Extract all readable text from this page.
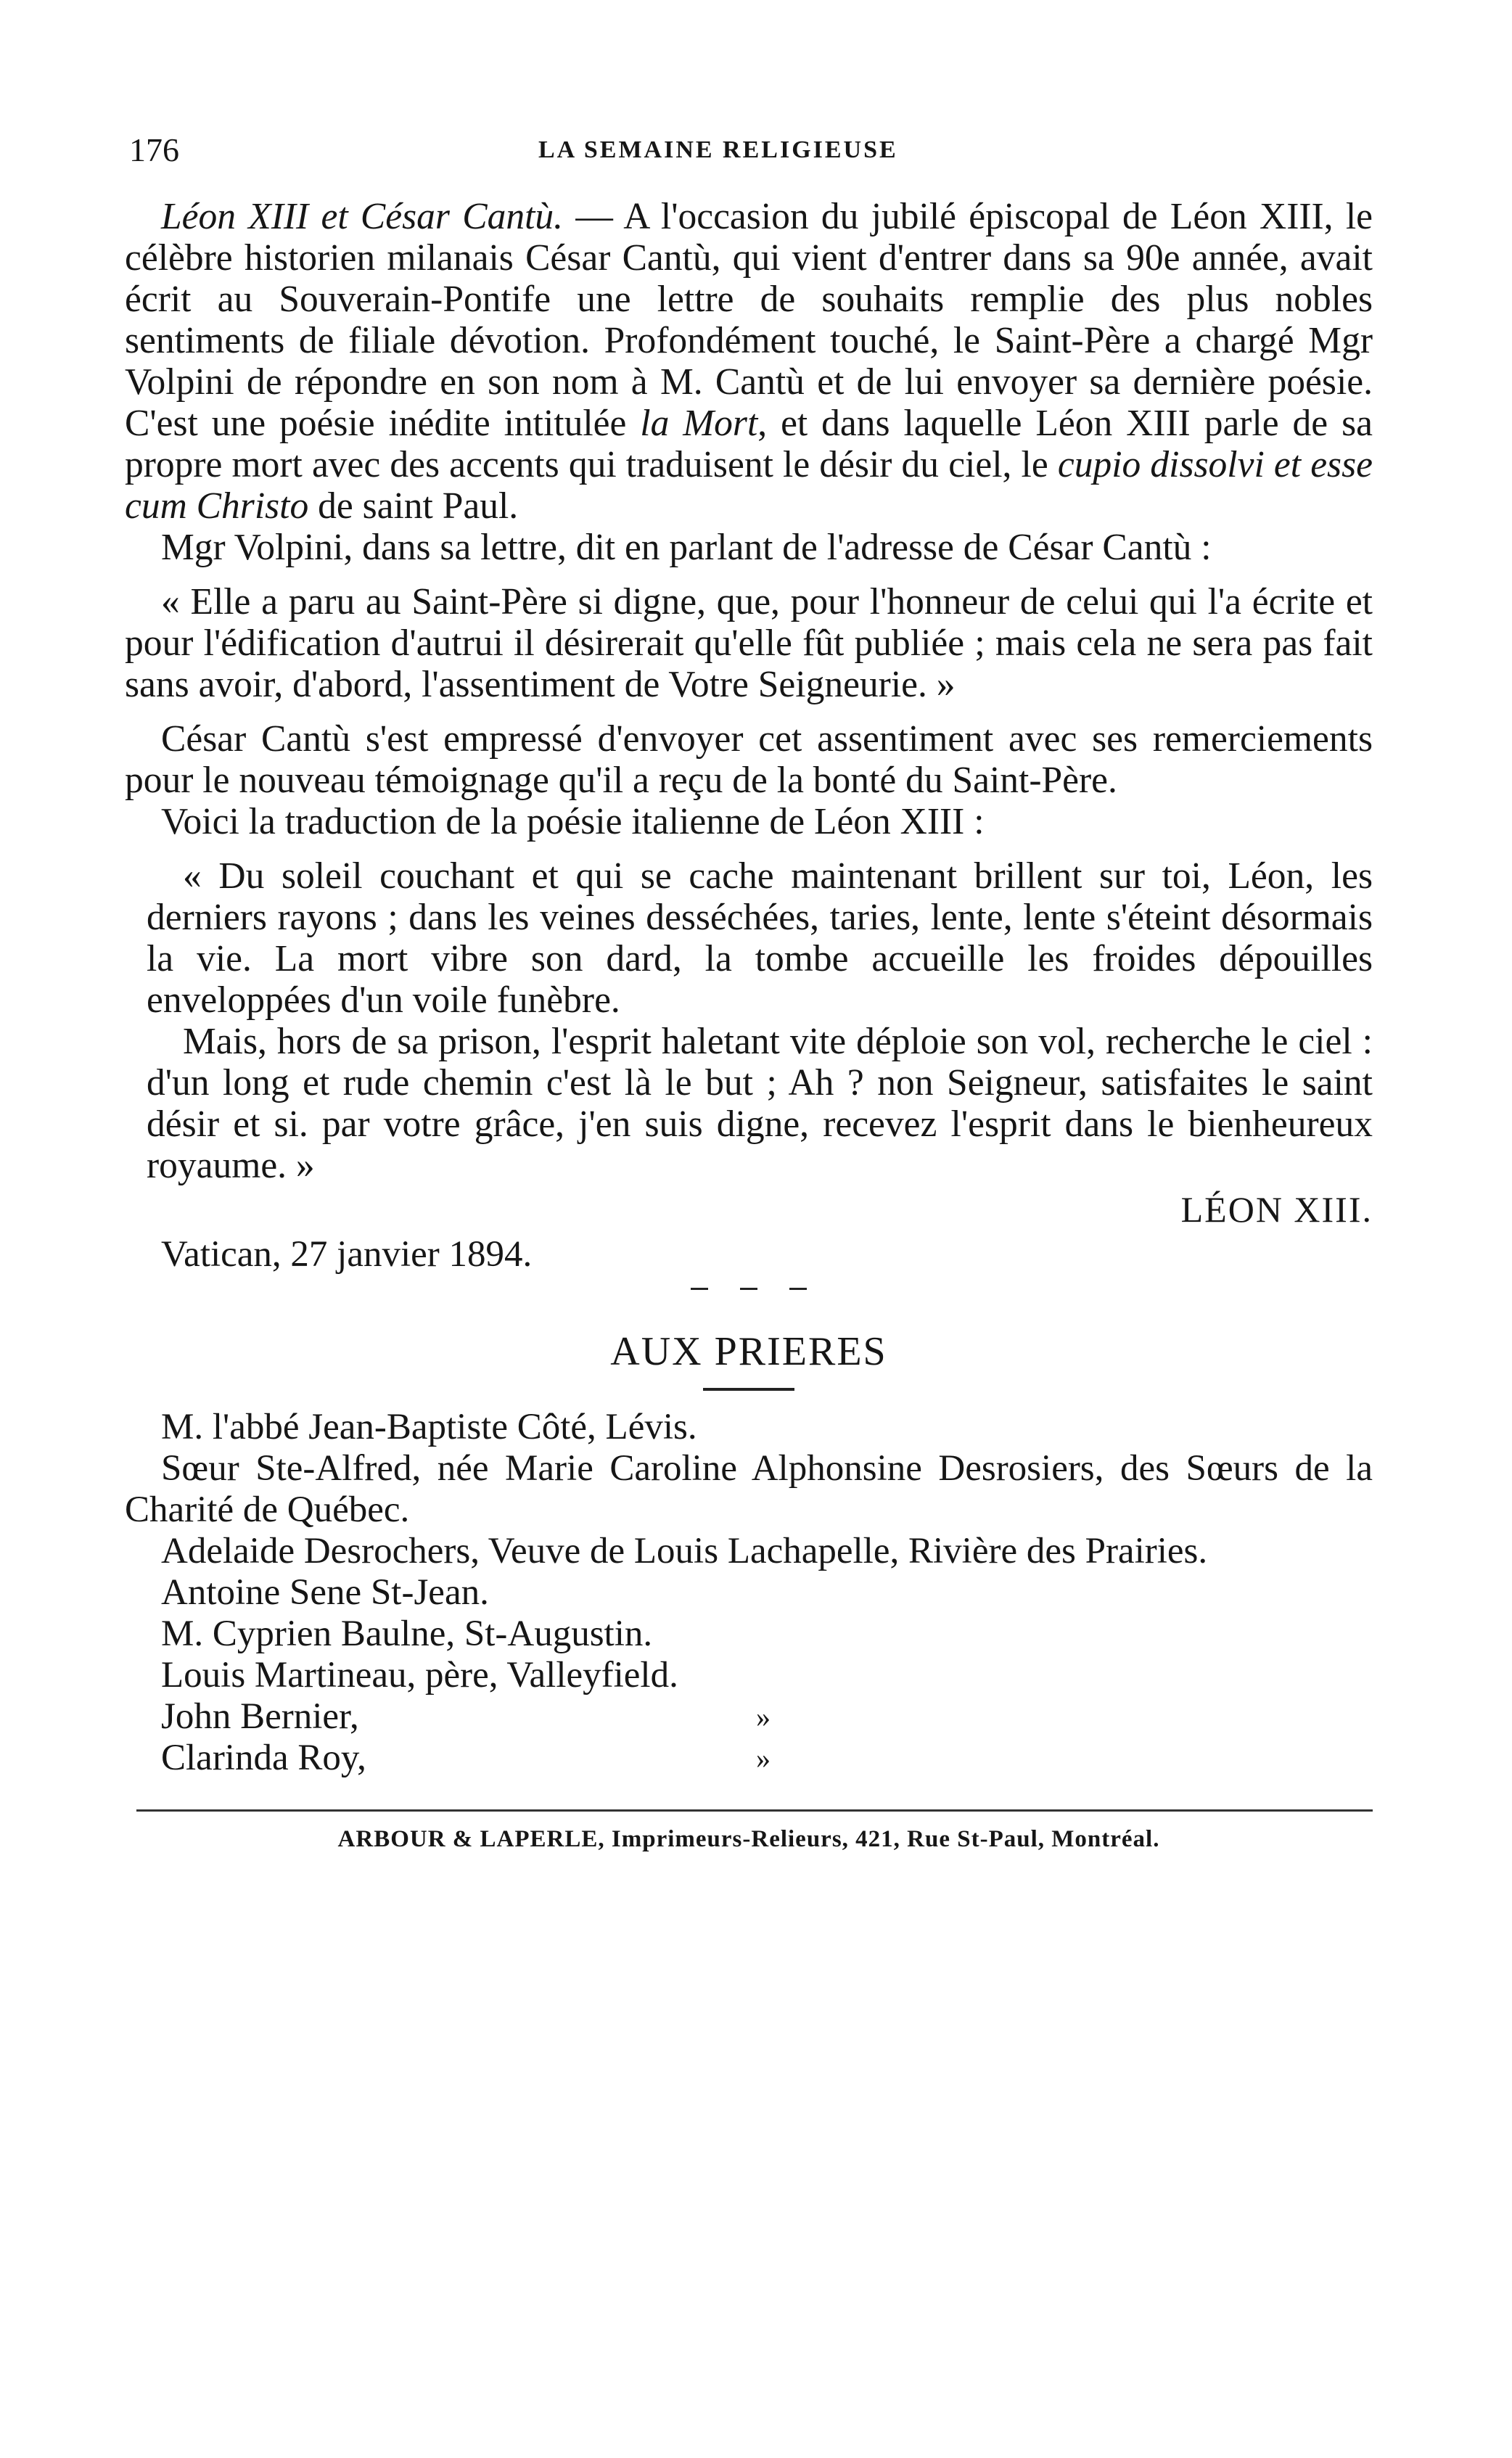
176	LA SEMAINE RELIGIEUSE

Léon XIII et César Cantù. — A l'occasion du jubilé épiscopal de Léon XIII, le célèbre historien milanais César Cantù, qui vient d'entrer dans sa 90e année, avait écrit au Souverain-Pontife une lettre de souhaits remplie des plus nobles sentiments de filiale dévotion. Profondément touché, le Saint-Père a chargé Mgr Volpini de répondre en son nom à M. Cantù et de lui envoyer sa dernière poésie. C'est une poésie inédite intitulée la Mort, et dans laquelle Léon XIII parle de sa propre mort avec des accents qui traduisent le désir du ciel, le cupio dissolvi et esse cum Christo de saint Paul.

Mgr Volpini, dans sa lettre, dit en parlant de l'adresse de César Cantù :

« Elle a paru au Saint-Père si digne, que, pour l'honneur de celui qui l'a écrite et pour l'édification d'autrui il désirerait qu'elle fût publiée ; mais cela ne sera pas fait sans avoir, d'abord, l'assentiment de Votre Seigneurie. »

César Cantù s'est empressé d'envoyer cet assentiment avec ses remerciements pour le nouveau témoignage qu'il a reçu de la bonté du Saint-Père.

Voici la traduction de la poésie italienne de Léon XIII :

« Du soleil couchant et qui se cache maintenant brillent sur toi, Léon, les derniers rayons ; dans les veines desséchées, taries, lente, lente s'éteint désormais la vie. La mort vibre son dard, la tombe accueille les froides dépouilles enveloppées d'un voile funèbre.

Mais, hors de sa prison, l'esprit haletant vite déploie son vol, recherche le ciel : d'un long et rude chemin c'est là le but ; Ah ? non Seigneur, satisfaites le saint désir et si. par votre grâce, j'en suis digne, recevez l'esprit dans le bienheureux royaume. »

LÉON XIII.
Vatican, 27 janvier 1894.
AUX PRIERES

M. l'abbé Jean-Baptiste Côté, Lévis.

Sœur Ste-Alfred, née Marie Caroline Alphonsine Desrosiers, des Sœurs de la Charité de Québec.

Adelaide Desrochers, Veuve de Louis Lachapelle, Rivière des Prairies.

Antoine Sene St-Jean.

M. Cyprien Baulne, St-Augustin.

Louis Martineau, père, Valleyfield.

John Bernier,	»

Clarinda Roy,	»

ARBOUR & LAPERLE, Imprimeurs-Relieurs, 421, Rue St-Paul, Montréal.
